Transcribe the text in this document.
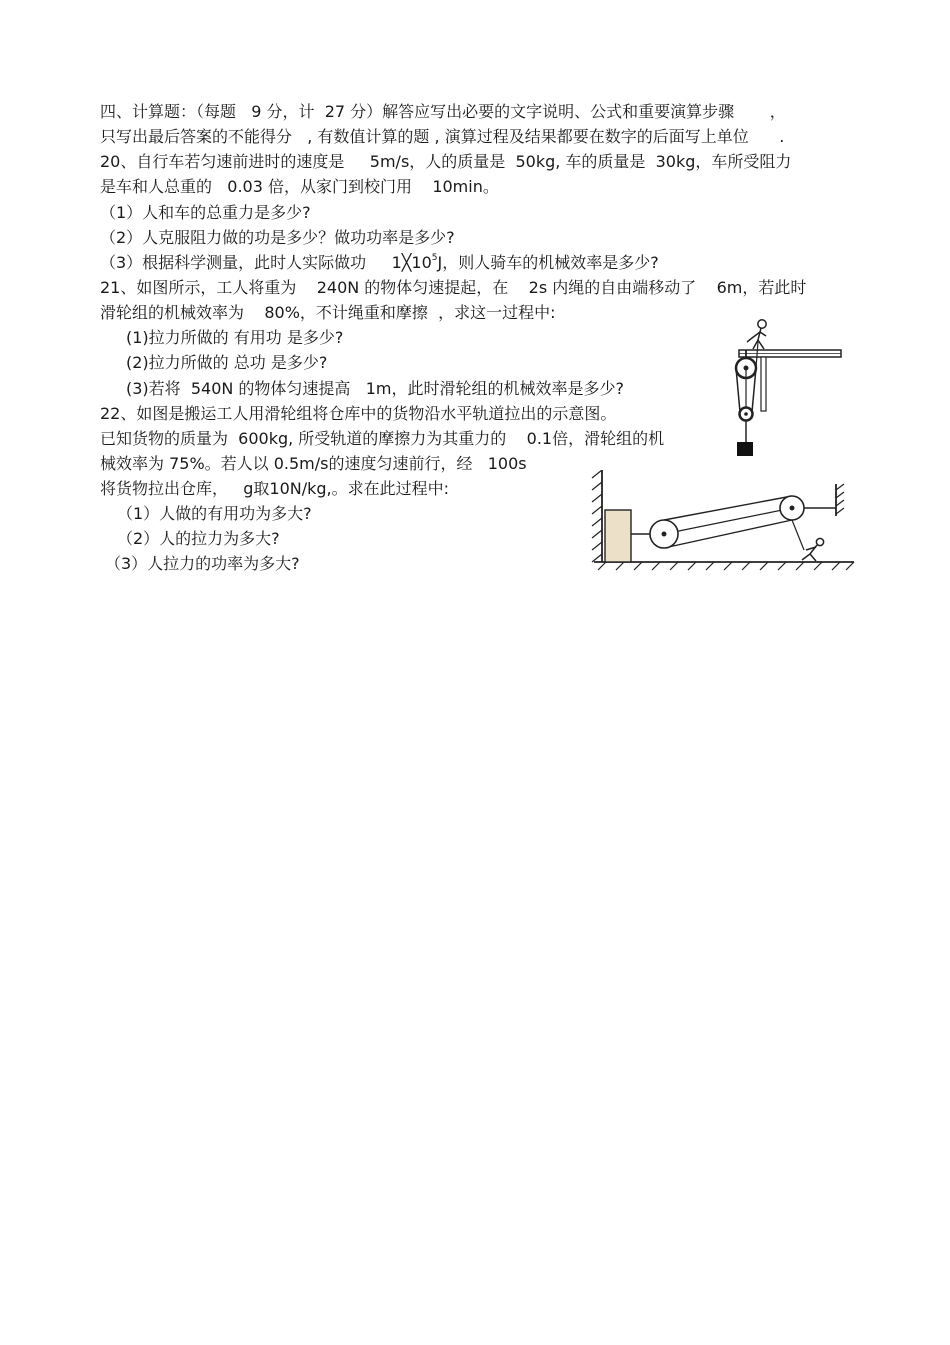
四、计算题：（每题   9 分，计  27 分）解答应写出必要的文字说明、公式和重要演算步骤       ，
只写出最后答案的不能得分   , 有数值计算的题 , 演算过程及结果都要在数字的后面写上单位      .
20、自行车若匀速前进时的速度是     5m/s，人的质量是  50kg, 车的质量是  30kg，车所受阻力
是车和人总重的   0.03 倍，从家门到校门用    10min。
（1）人和车的总重力是多少?
（2）人克服阻力做的功是多少？做功功率是多少?
（3）根据科学测量，此时人实际做功     $1╳10^5J$，则人骑车的机械效率是多少?
21、如图所示，工人将重为    240N 的物体匀速提起，在    2s 内绳的自由端移动了    6m，若此时
滑轮组的机械效率为    80%，不计绳重和摩擦  ，求这一过程中:
(1)拉力所做的 有用功 是多少?
(2)拉力所做的 总功 是多少?
(3)若将  540N 的物体匀速提高   1m，此时滑轮组的机械效率是多少?
22、如图是搬运工人用滑轮组将仓库中的货物沿水平轨道拉出的示意图。
已知货物的质量为  600kg, 所受轨道的摩擦力为其重力的    0.1倍，滑轮组的机
械效率为 75%。若人以 0.5m/s的速度匀速前行，经   100s
将货物拉出仓库，   g取10N/kg,。求在此过程中:
（1）人做的有用功为多大?
（2）人的拉力为多大?
（3）人拉力的功率为多大?
